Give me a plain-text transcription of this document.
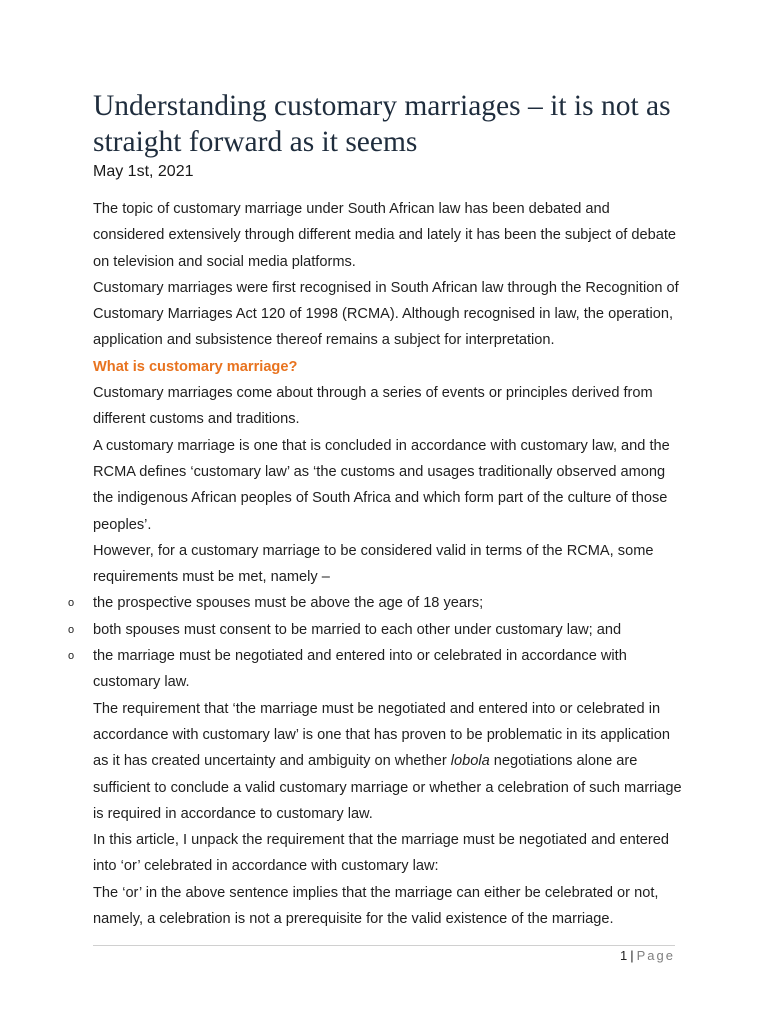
Understanding customary marriages – it is not as straight forward as it seems
May 1st, 2021

The topic of customary marriage under South African law has been debated and considered extensively through different media and lately it has been the subject of debate on television and social media platforms.

Customary marriages were first recognised in South African law through the Recognition of Customary Marriages Act 120 of 1998 (RCMA). Although recognised in law, the operation, application and subsistence thereof remains a subject for interpretation.

What is customary marriage?

Customary marriages come about through a series of events or principles derived from different customs and traditions.

A customary marriage is one that is concluded in accordance with customary law, and the RCMA defines ‘customary law’ as ‘the customs and usages traditionally observed among the indigenous African peoples of South Africa and which form part of the culture of those peoples’.

However, for a customary marriage to be considered valid in terms of the RCMA, some requirements must be met, namely –

o the prospective spouses must be above the age of 18 years;
o both spouses must consent to be married to each other under customary law; and
o the marriage must be negotiated and entered into or celebrated in accordance with customary law.

The requirement that ‘the marriage must be negotiated and entered into or celebrated in accordance with customary law’ is one that has proven to be problematic in its application as it has created uncertainty and ambiguity on whether lobola negotiations alone are sufficient to conclude a valid customary marriage or whether a celebration of such marriage is required in accordance to customary law.

In this article, I unpack the requirement that the marriage must be negotiated and entered into ‘or’ celebrated in accordance with customary law:

The ‘or’ in the above sentence implies that the marriage can either be celebrated or not, namely, a celebration is not a prerequisite for the valid existence of the marriage.

1 | Page
